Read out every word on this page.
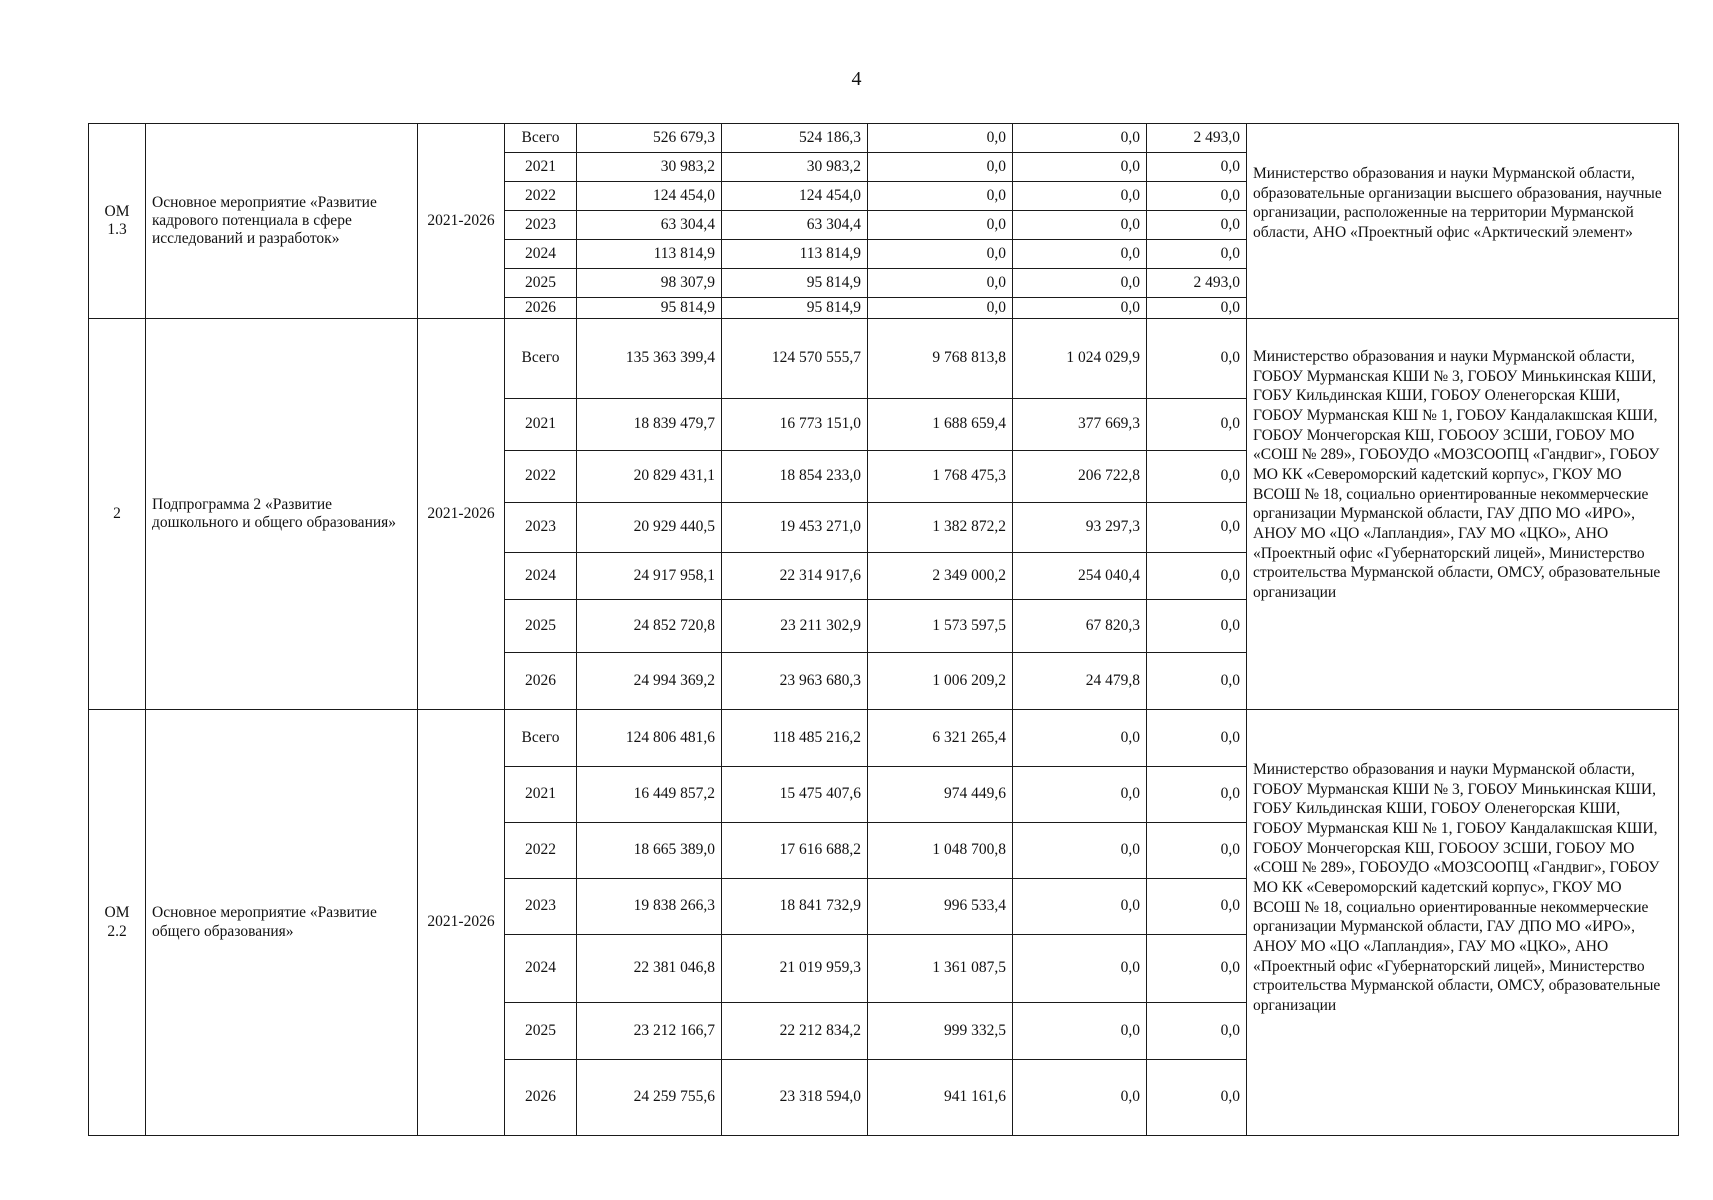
4
ОМ 1.3	Основное мероприятие «Развитие кадрового потенциала в сфере исследований и разработок»	2021-2026	Всего	526 679,3	524 186,3	0,0	0,0	2 493,0	Министерство образования и науки Мурманской области, образовательные организации высшего образования, научные организации, расположенные на территории Мурманской области, АНО «Проектный офис «Арктический элемент»
			2021	30 983,2	30 983,2	0,0	0,0	0,0	
			2022	124 454,0	124 454,0	0,0	0,0	0,0	
			2023	63 304,4	63 304,4	0,0	0,0	0,0	
			2024	113 814,9	113 814,9	0,0	0,0	0,0	
			2025	98 307,9	95 814,9	0,0	0,0	2 493,0	
			2026	95 814,9	95 814,9	0,0	0,0	0,0	
2	Подпрограмма 2 «Развитие дошкольного и общего образования»	2021-2026	Всего	135 363 399,4	124 570 555,7	9 768 813,8	1 024 029,9	0,0	Министерство образования и науки Мурманской области, ГОБОУ Мурманская КШИ № 3, ГОБОУ Минькинская КШИ, ГОБУ Кильдинская КШИ, ГОБОУ Оленегорская КШИ, ГОБОУ Мурманская КШ № 1, ГОБОУ Кандалакшская КШИ, ГОБОУ Мончегорская КШ, ГОБООУ ЗСШИ, ГОБОУ МО «СОШ № 289», ГОБОУДО «МОЗСООПЦ «Гандвиг», ГОБОУ МО КК «Североморский кадетский корпус», ГКОУ МО ВСОШ № 18, социально ориентированные некоммерческие организации Мурманской области, ГАУ ДПО МО «ИРО», АНОУ МО «ЦО «Лапландия», ГАУ МО «ЦКО», АНО «Проектный офис «Губернаторский лицей», Министерство строительства Мурманской области, ОМСУ, образовательные организации
			2021	18 839 479,7	16 773 151,0	1 688 659,4	377 669,3	0,0	
			2022	20 829 431,1	18 854 233,0	1 768 475,3	206 722,8	0,0	
			2023	20 929 440,5	19 453 271,0	1 382 872,2	93 297,3	0,0	
			2024	24 917 958,1	22 314 917,6	2 349 000,2	254 040,4	0,0	
			2025	24 852 720,8	23 211 302,9	1 573 597,5	67 820,3	0,0	
			2026	24 994 369,2	23 963 680,3	1 006 209,2	24 479,8	0,0	
ОМ 2.2	Основное мероприятие «Развитие общего образования»	2021-2026	Всего	124 806 481,6	118 485 216,2	6 321 265,4	0,0	0,0	Министерство образования и науки Мурманской области, ГОБОУ Мурманская КШИ № 3, ГОБОУ Минькинская КШИ, ГОБУ Кильдинская КШИ, ГОБОУ Оленегорская КШИ, ГОБОУ Мурманская КШ № 1, ГОБОУ Кандалакшская КШИ, ГОБОУ Мончегорская КШ, ГОБООУ ЗСШИ, ГОБОУ МО «СОШ № 289», ГОБОУДО «МОЗСООПЦ «Гандвиг», ГОБОУ МО КК «Североморский кадетский корпус», ГКОУ МО ВСОШ № 18, социально ориентированные некоммерческие организации Мурманской области, ГАУ ДПО МО «ИРО», АНОУ МО «ЦО «Лапландия», ГАУ МО «ЦКО», АНО «Проектный офис «Губернаторский лицей», Министерство строительства Мурманской области, ОМСУ, образовательные организации
			2021	16 449 857,2	15 475 407,6	974 449,6	0,0	0,0	
			2022	18 665 389,0	17 616 688,2	1 048 700,8	0,0	0,0	
			2023	19 838 266,3	18 841 732,9	996 533,4	0,0	0,0	
			2024	22 381 046,8	21 019 959,3	1 361 087,5	0,0	0,0	
			2025	23 212 166,7	22 212 834,2	999 332,5	0,0	0,0	
			2026	24 259 755,6	23 318 594,0	941 161,6	0,0	0,0	
